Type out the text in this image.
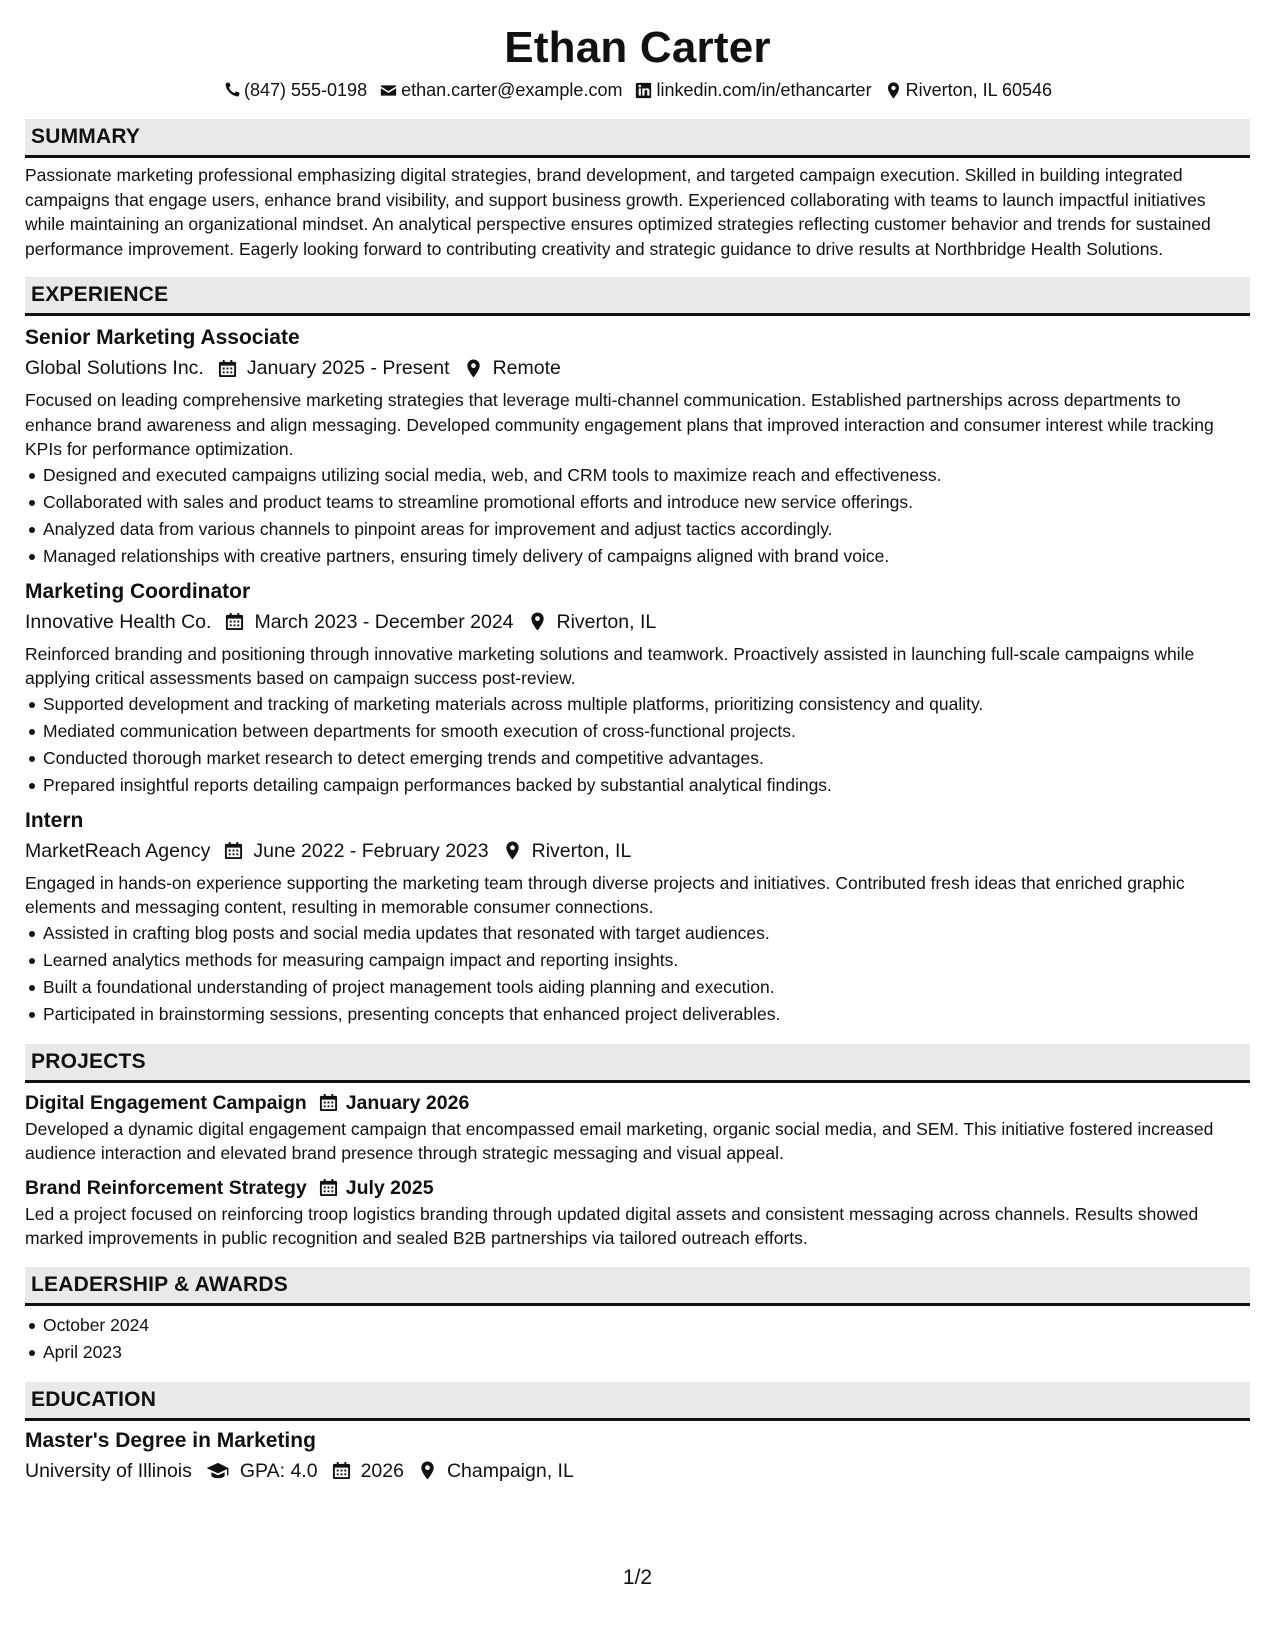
Ethan Carter
(847) 555-0198 ethan.carter@example.com linkedin.com/in/ethancarter Riverton, IL 60546
SUMMARY
Passionate marketing professional emphasizing digital strategies, brand development, and targeted campaign execution. Skilled in building integrated campaigns that engage users, enhance brand visibility, and support business growth. Experienced collaborating with teams to launch impactful initiatives while maintaining an organizational mindset. An analytical perspective ensures optimized strategies reflecting customer behavior and trends for sustained performance improvement. Eagerly looking forward to contributing creativity and strategic guidance to drive results at Northbridge Health Solutions.
EXPERIENCE
Senior Marketing Associate
Global Solutions Inc. January 2025 - Present Remote
Focused on leading comprehensive marketing strategies that leverage multi-channel communication. Established partnerships across departments to enhance brand awareness and align messaging. Developed community engagement plans that improved interaction and consumer interest while tracking KPIs for performance optimization.
Designed and executed campaigns utilizing social media, web, and CRM tools to maximize reach and effectiveness.
Collaborated with sales and product teams to streamline promotional efforts and introduce new service offerings.
Analyzed data from various channels to pinpoint areas for improvement and adjust tactics accordingly.
Managed relationships with creative partners, ensuring timely delivery of campaigns aligned with brand voice.
Marketing Coordinator
Innovative Health Co. March 2023 - December 2024 Riverton, IL
Reinforced branding and positioning through innovative marketing solutions and teamwork. Proactively assisted in launching full-scale campaigns while applying critical assessments based on campaign success post-review.
Supported development and tracking of marketing materials across multiple platforms, prioritizing consistency and quality.
Mediated communication between departments for smooth execution of cross-functional projects.
Conducted thorough market research to detect emerging trends and competitive advantages.
Prepared insightful reports detailing campaign performances backed by substantial analytical findings.
Intern
MarketReach Agency June 2022 - February 2023 Riverton, IL
Engaged in hands-on experience supporting the marketing team through diverse projects and initiatives. Contributed fresh ideas that enriched graphic elements and messaging content, resulting in memorable consumer connections.
Assisted in crafting blog posts and social media updates that resonated with target audiences.
Learned analytics methods for measuring campaign impact and reporting insights.
Built a foundational understanding of project management tools aiding planning and execution.
Participated in brainstorming sessions, presenting concepts that enhanced project deliverables.
PROJECTS
Digital Engagement Campaign January 2026
Developed a dynamic digital engagement campaign that encompassed email marketing, organic social media, and SEM. This initiative fostered increased audience interaction and elevated brand presence through strategic messaging and visual appeal.
Brand Reinforcement Strategy July 2025
Led a project focused on reinforcing troop logistics branding through updated digital assets and consistent messaging across channels. Results showed marked improvements in public recognition and sealed B2B partnerships via tailored outreach efforts.
LEADERSHIP & AWARDS
October 2024
April 2023
EDUCATION
Master's Degree in Marketing
University of Illinois GPA: 4.0 2026 Champaign, IL
1/2
